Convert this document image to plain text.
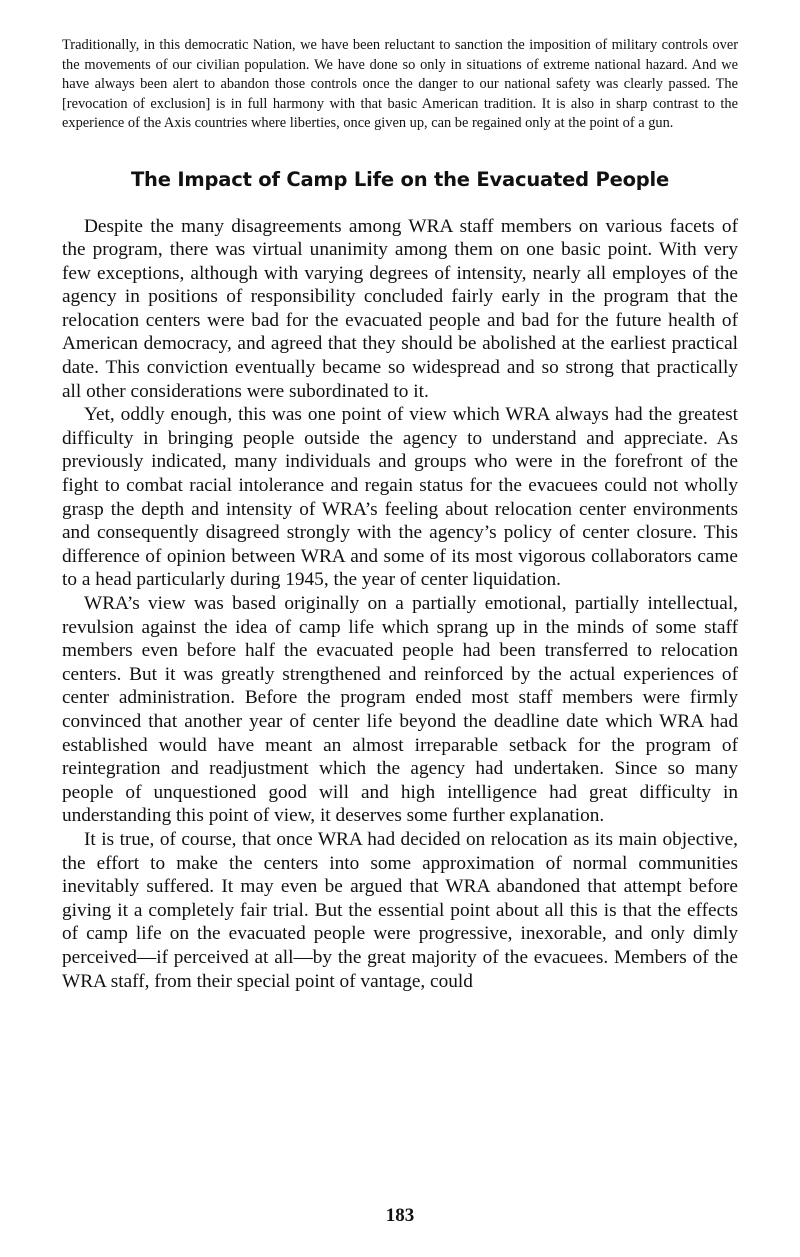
Traditionally, in this democratic Nation, we have been reluctant to sanction the imposition of military controls over the movements of our civilian population. We have done so only in situations of extreme national hazard. And we have always been alert to abandon those controls once the danger to our national safety was clearly passed. The [revocation of exclusion] is in full harmony with that basic American tradition. It is also in sharp contrast to the experience of the Axis countries where liberties, once given up, can be regained only at the point of a gun.

The Impact of Camp Life on the Evacuated People

Despite the many disagreements among WRA staff members on various facets of the program, there was virtual unanimity among them on one basic point. With very few exceptions, although with varying degrees of intensity, nearly all employes of the agency in positions of responsibility concluded fairly early in the program that the relocation centers were bad for the evacuated people and bad for the future health of American democracy, and agreed that they should be abolished at the earliest practical date. This conviction eventually became so widespread and so strong that practically all other considerations were subordinated to it.

Yet, oddly enough, this was one point of view which WRA always had the greatest difficulty in bringing people outside the agency to understand and appreciate. As previously indicated, many individuals and groups who were in the forefront of the fight to combat racial intolerance and regain status for the evacuees could not wholly grasp the depth and intensity of WRA’s feeling about relocation center environments and consequently disagreed strongly with the agency’s policy of center closure. This difference of opinion between WRA and some of its most vigorous collaborators came to a head particularly during 1945, the year of center liquidation.

WRA’s view was based originally on a partially emotional, partially intellectual, revulsion against the idea of camp life which sprang up in the minds of some staff members even before half the evacuated people had been transferred to relocation centers. But it was greatly strengthened and reinforced by the actual experiences of center administration. Before the program ended most staff members were firmly convinced that another year of center life beyond the deadline date which WRA had established would have meant an almost irreparable setback for the program of reintegration and readjustment which the agency had undertaken. Since so many people of unquestioned good will and high intelligence had great difficulty in understanding this point of view, it deserves some further explanation.

It is true, of course, that once WRA had decided on relocation as its main objective, the effort to make the centers into some approximation of normal communities inevitably suffered. It may even be argued that WRA abandoned that attempt before giving it a completely fair trial. But the essential point about all this is that the effects of camp life on the evacuated people were progressive, inexorable, and only dimly perceived—if perceived at all—by the great majority of the evacuees. Members of the WRA staff, from their special point of vantage, could

183
